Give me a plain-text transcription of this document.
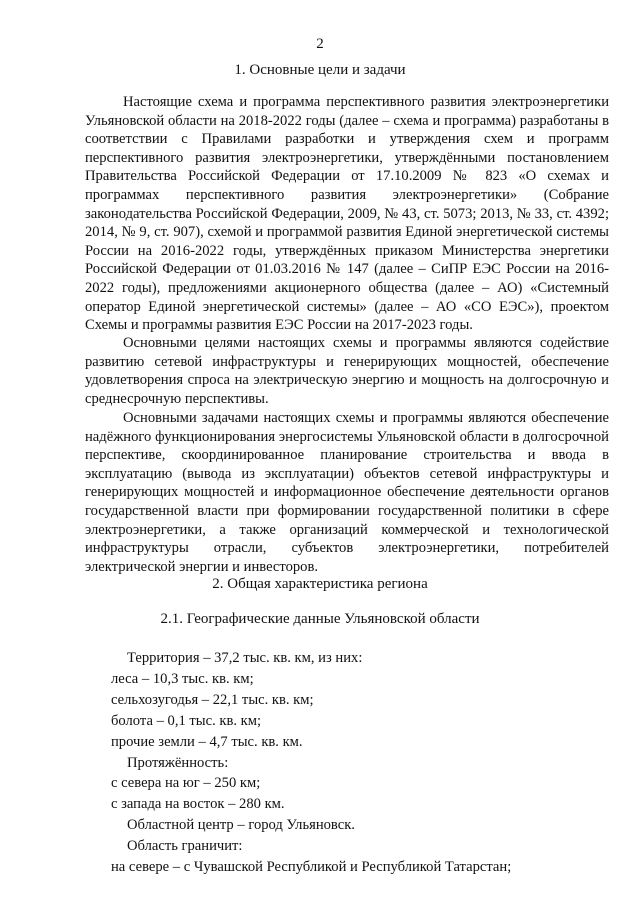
2
1. Основные цели и задачи

Настоящие схема и программа перспективного развития электроэнергетики Ульяновской области на 2018-2022 годы (далее – схема и программа) разработаны в соответствии с Правилами разработки и утверждения схем и программ перспективного развития электроэнергетики, утверждёнными постановлением Правительства Российской Федерации от 17.10.2009 № 823 «О схемах и программах перспективного развития электроэнергетики» (Собрание законодательства Российской Федерации, 2009, № 43, ст. 5073; 2013, № 33, ст. 4392; 2014, № 9, ст. 907), схемой и программой развития Единой энергетической системы России на 2016-2022 годы, утверждённых приказом Министерства энергетики Российской Федерации от 01.03.2016 № 147 (далее – СиПР ЕЭС России на 2016-2022 годы), предложениями акционерного общества (далее – АО) «Системный оператор Единой энергетической системы» (далее – АО «СО ЕЭС»), проектом Схемы и программы развития ЕЭС России на 2017-2023 годы.

Основными целями настоящих схемы и программы являются содействие развитию сетевой инфраструктуры и генерирующих мощностей, обеспечение удовлетворения спроса на электрическую энергию и мощность на долгосрочную и среднесрочную перспективы.

Основными задачами настоящих схемы и программы являются обеспечение надёжного функционирования энергосистемы Ульяновской области в долгосрочной перспективе, скоординированное планирование строительства и ввода в эксплуатацию (вывода из эксплуатации) объектов сетевой инфраструктуры и генерирующих мощностей и информационное обеспечение деятельности органов государственной власти при формировании государственной политики в сфере электроэнергетики, а также организаций коммерческой и технологической инфраструктуры отрасли, субъектов электроэнергетики, потребителей электрической энергии и инвесторов.

2. Общая характеристика региона
2.1. Географические данные Ульяновской области
Территория – 37,2 тыс. кв. км, из них:
леса – 10,3 тыс. кв. км;
сельхозугодья – 22,1 тыс. кв. км;
болота – 0,1 тыс. кв. км;
прочие земли – 4,7 тыс. кв. км.
Протяжённость:
с севера на юг – 250 км;
с запада на восток – 280 км.
Областной центр – город Ульяновск.
Область граничит:
на севере – с Чувашской Республикой и Республикой Татарстан;
